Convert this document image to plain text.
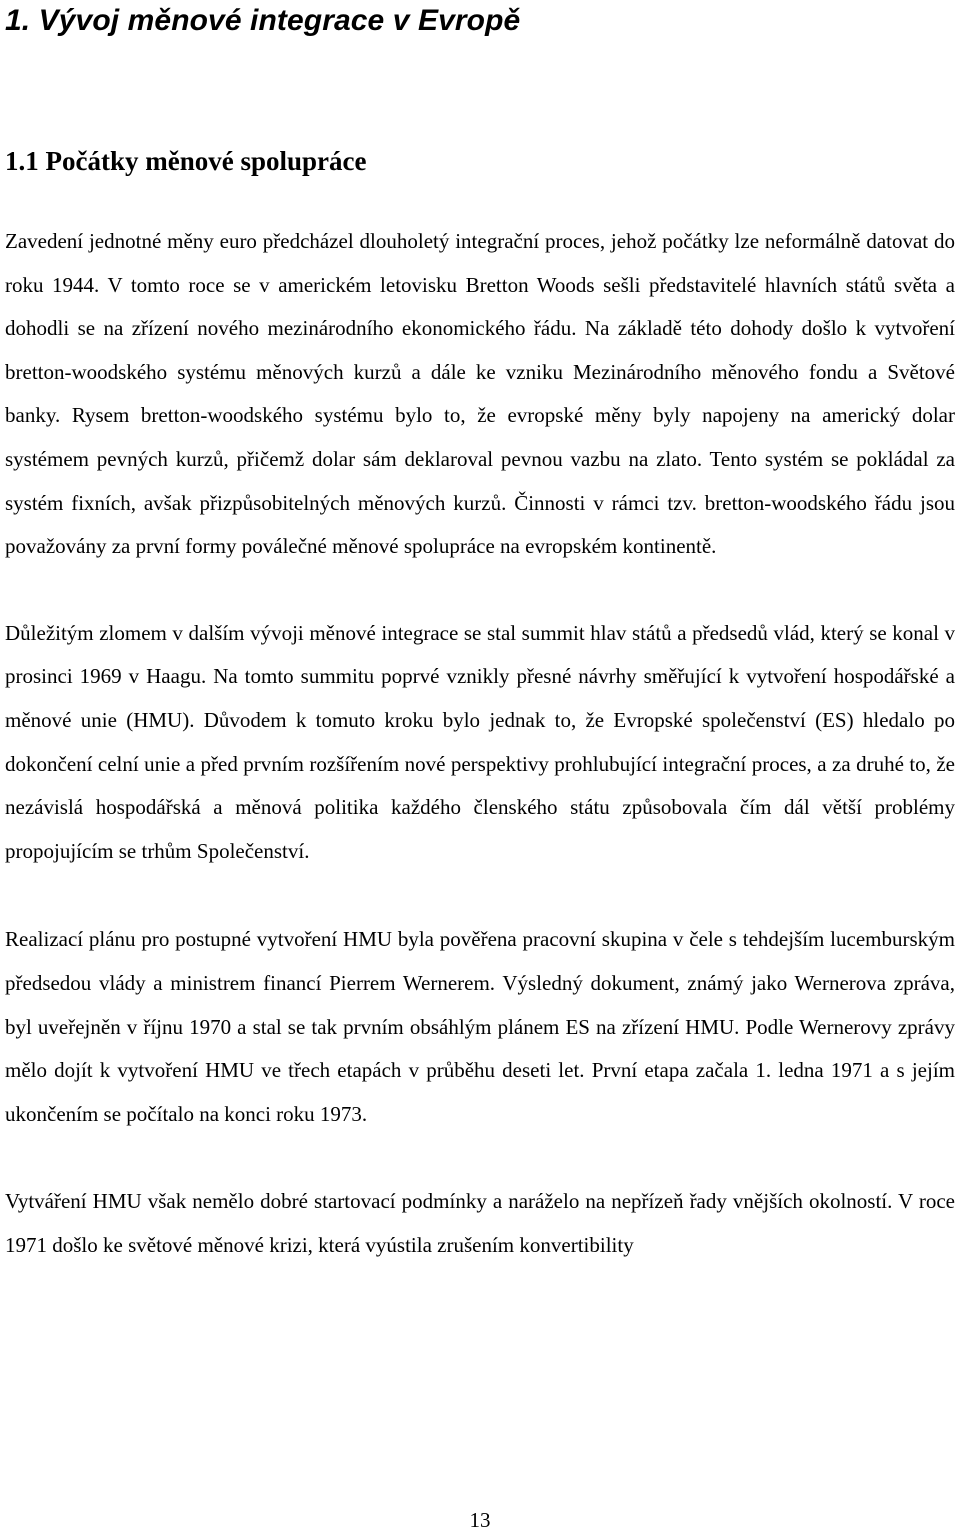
1. Vývoj měnové integrace v Evropě
1.1 Počátky měnové spolupráce

Zavedení jednotné měny euro předcházel dlouholetý integrační proces, jehož počátky lze neformálně datovat do roku 1944. V tomto roce se v americkém letovisku Bretton Woods sešli představitelé hlavních států světa a dohodli se na zřízení nového mezinárodního ekonomického řádu. Na základě této dohody došlo k vytvoření bretton-woodského systému měnových kurzů a dále ke vzniku Mezinárodního měnového fondu a Světové banky. Rysem bretton-woodského systému bylo to, že evropské měny byly napojeny na americký dolar systémem pevných kurzů, přičemž dolar sám deklaroval pevnou vazbu na zlato. Tento systém se pokládal za systém fixních, avšak přizpůsobitelných měnových kurzů. Činnosti v rámci tzv. bretton-woodského řádu jsou považovány za první formy poválečné měnové spolupráce na evropském kontinentě.

Důležitým zlomem v dalším vývoji měnové integrace se stal summit hlav států a předsedů vlád, který se konal v prosinci 1969 v Haagu. Na tomto summitu poprvé vznikly přesné návrhy směřující k vytvoření hospodářské a měnové unie (HMU). Důvodem k tomuto kroku bylo jednak to, že Evropské společenství (ES) hledalo po dokončení celní unie a před prvním rozšířením nové perspektivy prohlubující integrační proces, a za druhé to, že nezávislá hospodářská a měnová politika každého členského státu způsobovala čím dál větší problémy propojujícím se trhům Společenství.

Realizací plánu pro postupné vytvoření HMU byla pověřena pracovní skupina v čele s tehdejším lucemburským předsedou vlády a ministrem financí Pierrem Wernerem. Výsledný dokument, známý jako Wernerova zpráva, byl uveřejněn v říjnu 1970 a stal se tak prvním obsáhlým plánem ES na zřízení HMU. Podle Wernerovy zprávy mělo dojít k vytvoření HMU ve třech etapách v průběhu deseti let. První etapa začala 1. ledna 1971 a s jejím ukončením se počítalo na konci roku 1973.

Vytváření HMU však nemělo dobré startovací podmínky a naráželo na nepřízeň řady vnějších okolností. V roce 1971 došlo ke světové měnové krizi, která vyústila zrušením konvertibility

13
